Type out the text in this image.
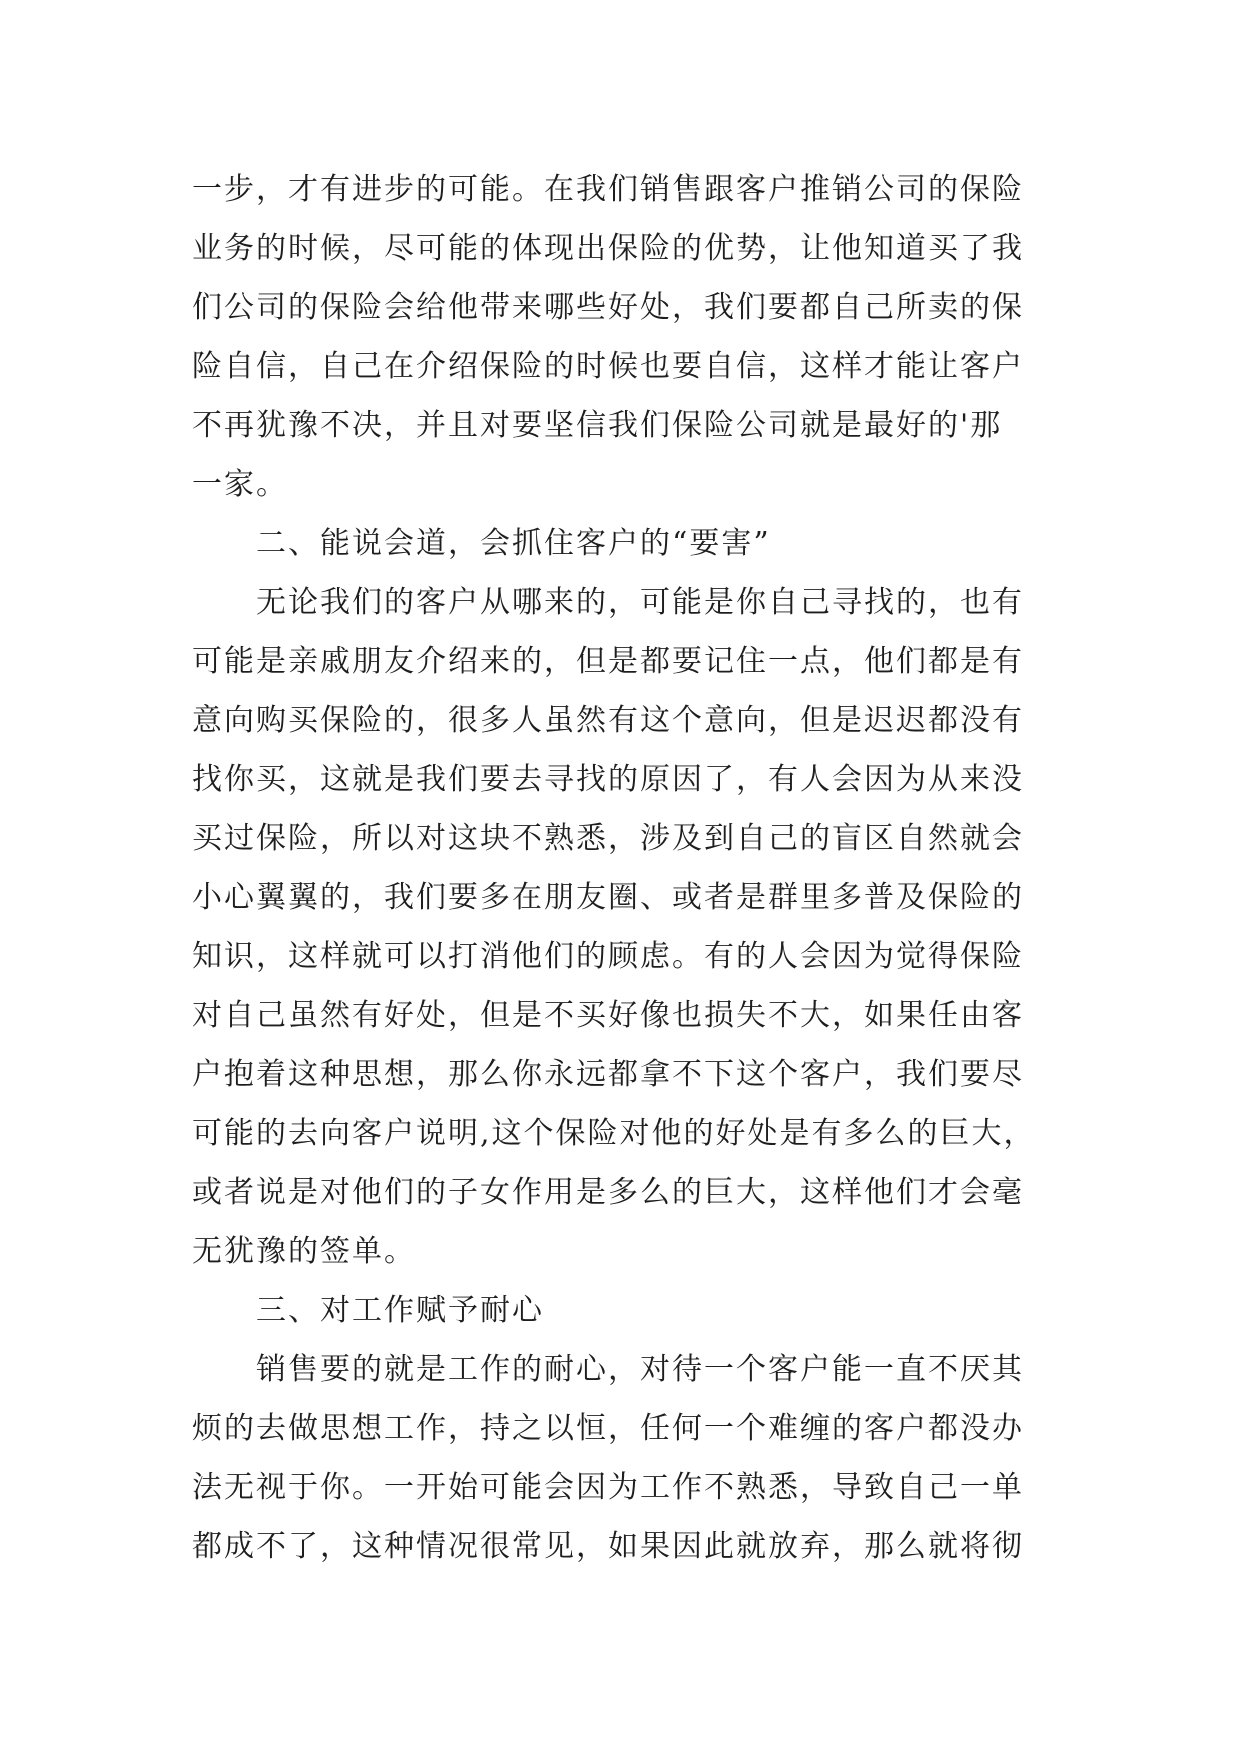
一步，才有进步的可能。在我们销售跟客户推销公司的保险
业务的时候，尽可能的体现出保险的优势，让他知道买了我
们公司的保险会给他带来哪些好处，我们要都自己所卖的保
险自信，自己在介绍保险的时候也要自信，这样才能让客户
不再犹豫不决，并且对要坚信我们保险公司就是最好的'那
一家。
二、能说会道，会抓住客户的“要害”
无论我们的客户从哪来的，可能是你自己寻找的，也有
可能是亲戚朋友介绍来的，但是都要记住一点，他们都是有
意向购买保险的，很多人虽然有这个意向，但是迟迟都没有
找你买，这就是我们要去寻找的原因了，有人会因为从来没
买过保险，所以对这块不熟悉，涉及到自己的盲区自然就会
小心翼翼的，我们要多在朋友圈、或者是群里多普及保险的
知识，这样就可以打消他们的顾虑。有的人会因为觉得保险
对自己虽然有好处，但是不买好像也损失不大，如果任由客
户抱着这种思想，那么你永远都拿不下这个客户，我们要尽
可能的去向客户说明,这个保险对他的好处是有多么的巨大，
或者说是对他们的子女作用是多么的巨大，这样他们才会毫
无犹豫的签单。
三、对工作赋予耐心
销售要的就是工作的耐心，对待一个客户能一直不厌其
烦的去做思想工作，持之以恒，任何一个难缠的客户都没办
法无视于你。一开始可能会因为工作不熟悉，导致自己一单
都成不了，这种情况很常见，如果因此就放弃，那么就将彻
